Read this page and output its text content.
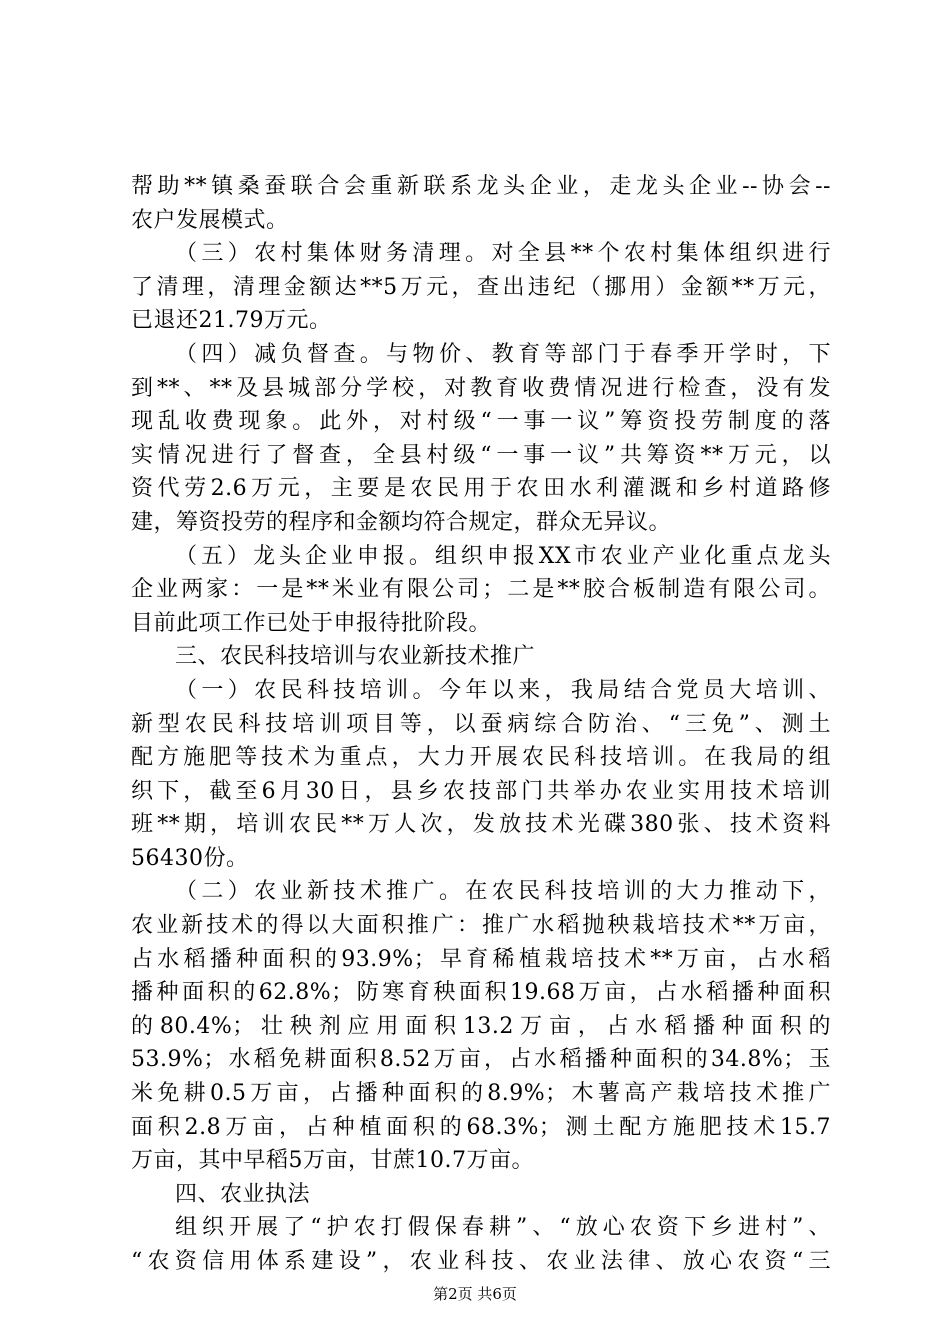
帮助**镇桑蚕联合会重新联系龙头企业，走龙头企业--协会--
农户发展模式。
（三）农村集体财务清理。对全县**个农村集体组织进行
了清理，清理金额达**5万元，查出违纪（挪用）金额**万元，
已退还21.79万元。
（四）减负督查。与物价、教育等部门于春季开学时，下
到**、**及县城部分学校，对教育收费情况进行检查，没有发
现乱收费现象。此外，对村级“一事一议”筹资投劳制度的落
实情况进行了督查，全县村级“一事一议”共筹资**万元，以
资代劳2.6万元，主要是农民用于农田水利灌溉和乡村道路修
建，筹资投劳的程序和金额均符合规定，群众无异议。
（五）龙头企业申报。组织申报XX市农业产业化重点龙头
企业两家：一是**米业有限公司；二是**胶合板制造有限公司。
目前此项工作已处于申报待批阶段。
三、农民科技培训与农业新技术推广
（一）农民科技培训。今年以来，我局结合党员大培训、
新型农民科技培训项目等，以蚕病综合防治、“三免”、测土
配方施肥等技术为重点，大力开展农民科技培训。在我局的组
织下，截至6月30日，县乡农技部门共举办农业实用技术培训
班**期，培训农民**万人次，发放技术光碟380张、技术资料
56430份。
（二）农业新技术推广。在农民科技培训的大力推动下，
农业新技术的得以大面积推广：推广水稻抛秧栽培技术**万亩，
占水稻播种面积的93.9%；早育稀植栽培技术**万亩，占水稻
播种面积的62.8%；防寒育秧面积19.68万亩，占水稻播种面积
的80.4%；壮秧剂应用面积13.2万亩，占水稻播种面积的
53.9%；水稻免耕面积8.52万亩，占水稻播种面积的34.8%；玉
米免耕0.5万亩，占播种面积的8.9%；木薯高产栽培技术推广
面积2.8万亩，占种植面积的68.3%；测土配方施肥技术15.7
万亩，其中早稻5万亩，甘蔗10.7万亩。
四、农业执法
组织开展了“护农打假保春耕”、“放心农资下乡进村”、
“农资信用体系建设”，农业科技、农业法律、放心农资“三
第2页 共6页
